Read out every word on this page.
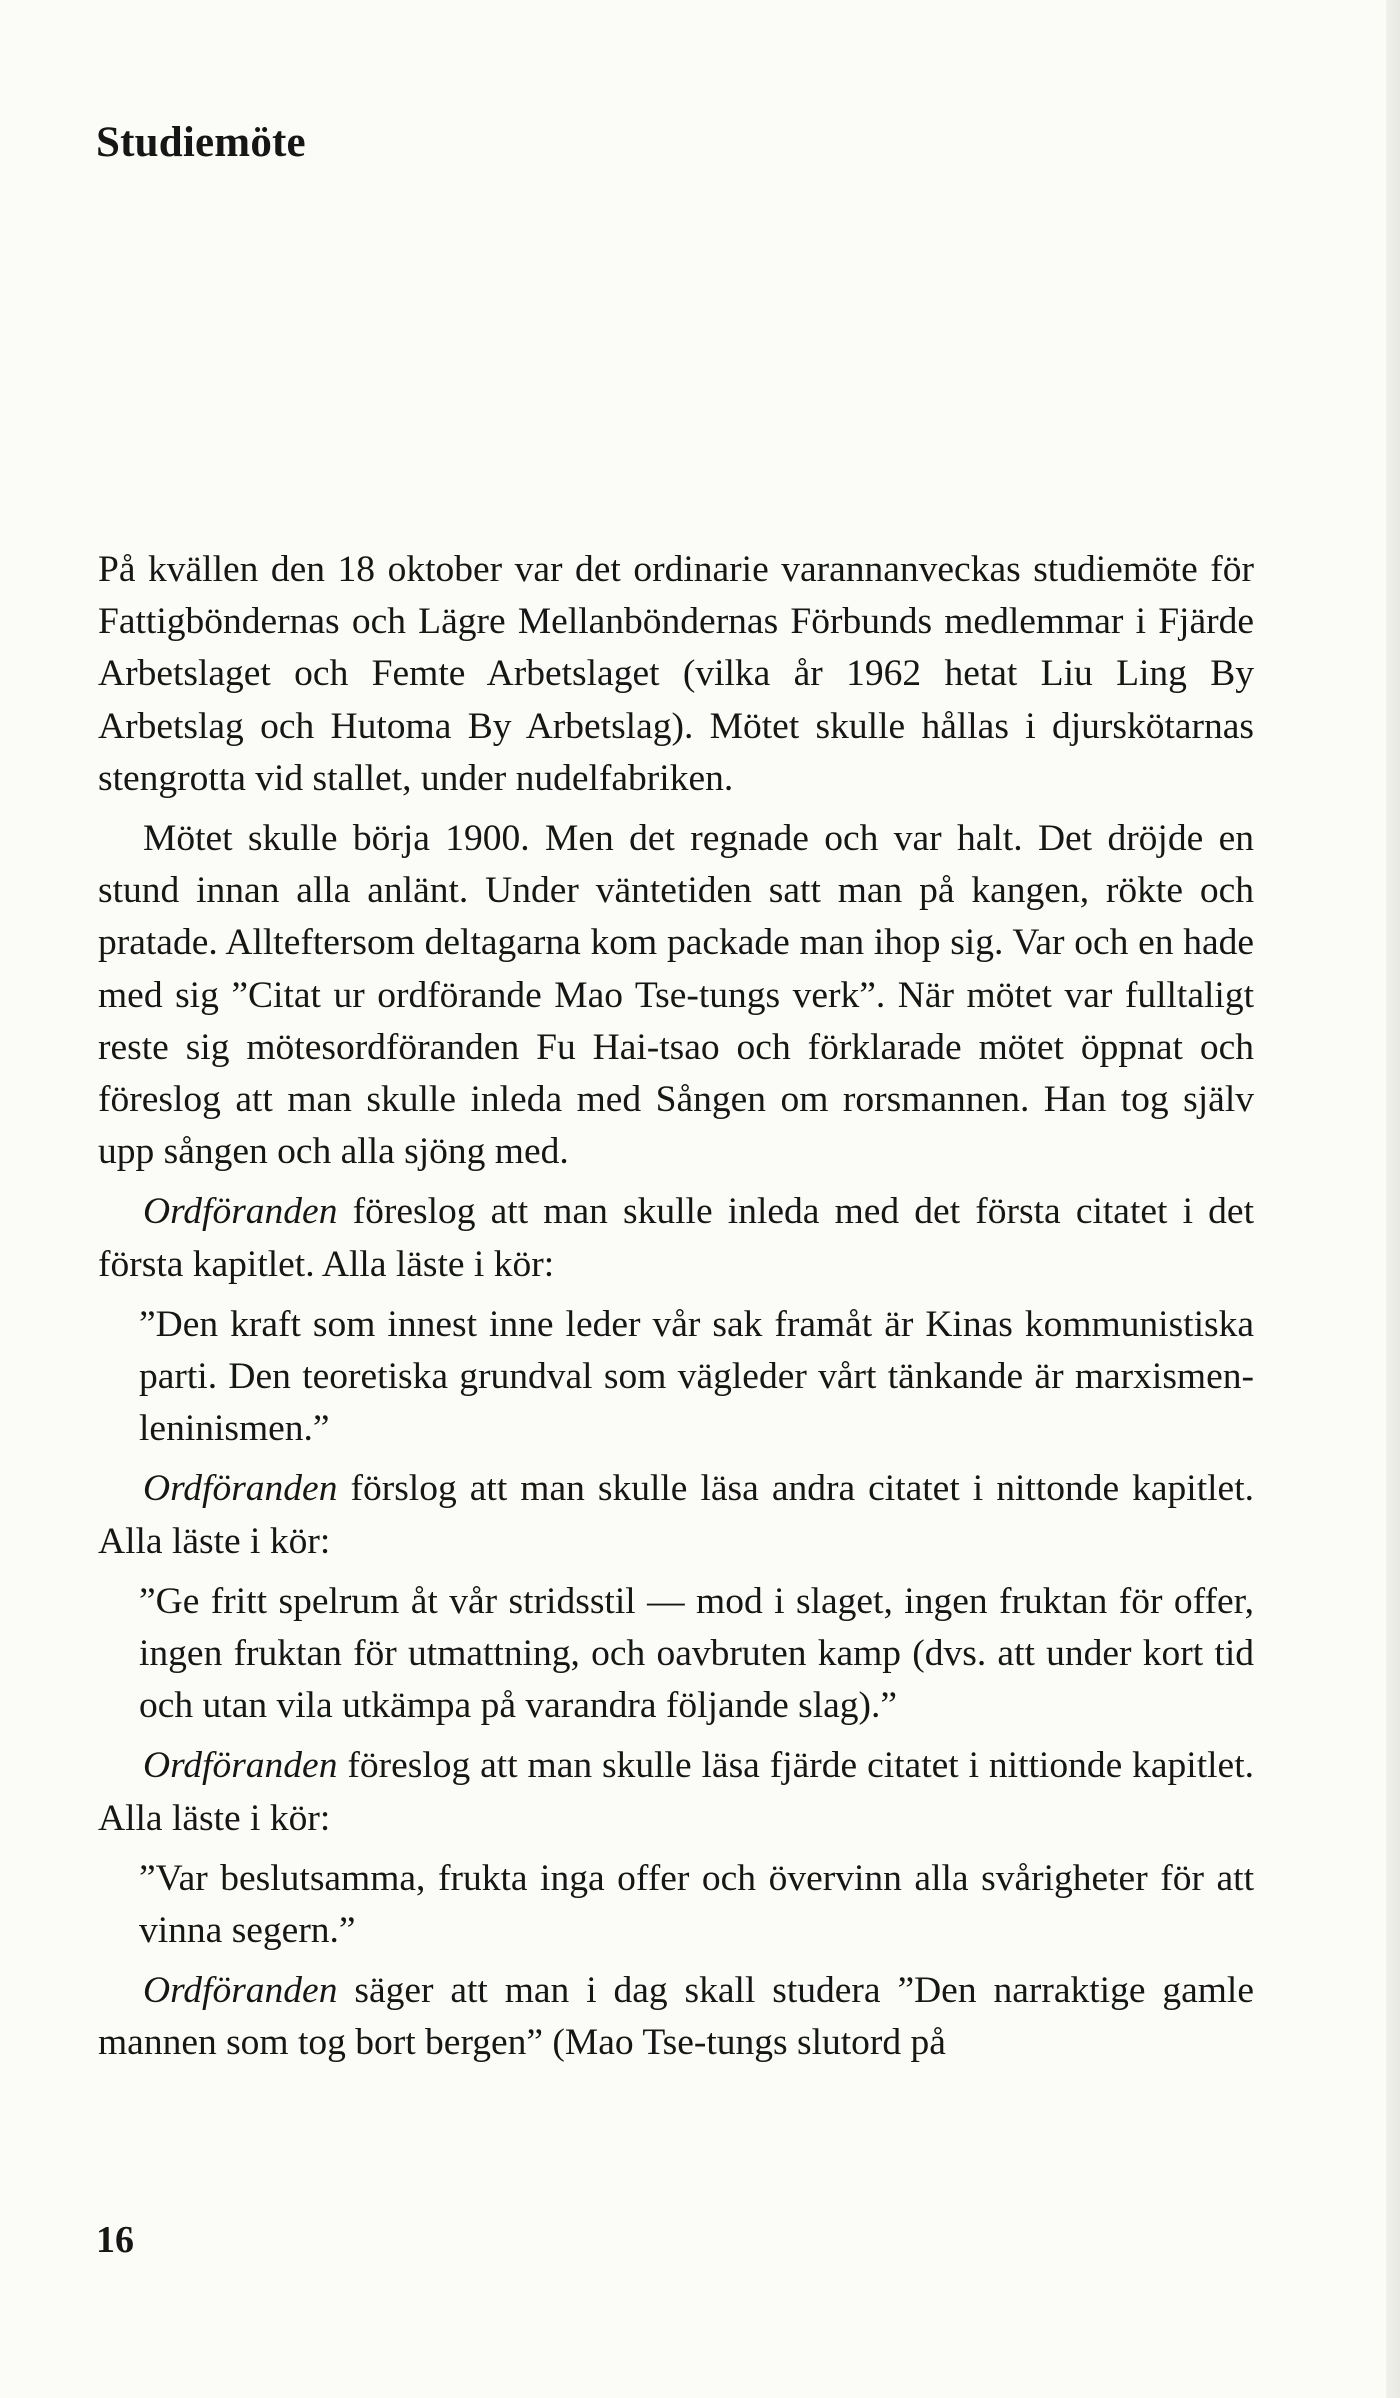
Studiemöte

På kvällen den 18 oktober var det ordinarie varannanveckas studiemöte för Fattigböndernas och Lägre Mellanböndernas Förbunds medlemmar i Fjärde Arbetslaget och Femte Arbetslaget (vilka år 1962 hetat Liu Ling By Arbetslag och Hutoma By Arbetslag). Mötet skulle hållas i djurskötarnas stengrotta vid stallet, under nudelfabriken.

Mötet skulle börja 1900. Men det regnade och var halt. Det dröjde en stund innan alla anlänt. Under väntetiden satt man på kangen, rökte och pratade. Allteftersom deltagarna kom packade man ihop sig. Var och en hade med sig ”Citat ur ordförande Mao Tse-tungs verk”. När mötet var fulltaligt reste sig mötesordföranden Fu Hai-tsao och förklarade mötet öppnat och föreslog att man skulle inleda med Sången om rorsmannen. Han tog själv upp sången och alla sjöng med.

Ordföranden föreslog att man skulle inleda med det första citatet i det första kapitlet. Alla läste i kör:

”Den kraft som innest inne leder vår sak framåt är Kinas kommunistiska parti. Den teoretiska grundval som vägleder vårt tänkande är marxismen-leninismen.”

Ordföranden förslog att man skulle läsa andra citatet i nittonde kapitlet. Alla läste i kör:

”Ge fritt spelrum åt vår stridsstil — mod i slaget, ingen fruktan för offer, ingen fruktan för utmattning, och oavbruten kamp (dvs. att under kort tid och utan vila utkämpa på varandra följande slag).”

Ordföranden föreslog att man skulle läsa fjärde citatet i nittionde kapitlet. Alla läste i kör:

”Var beslutsamma, frukta inga offer och övervinn alla svårigheter för att vinna segern.”

Ordföranden säger att man i dag skall studera ”Den narraktige gamle mannen som tog bort bergen” (Mao Tse-tungs slutord på

16
